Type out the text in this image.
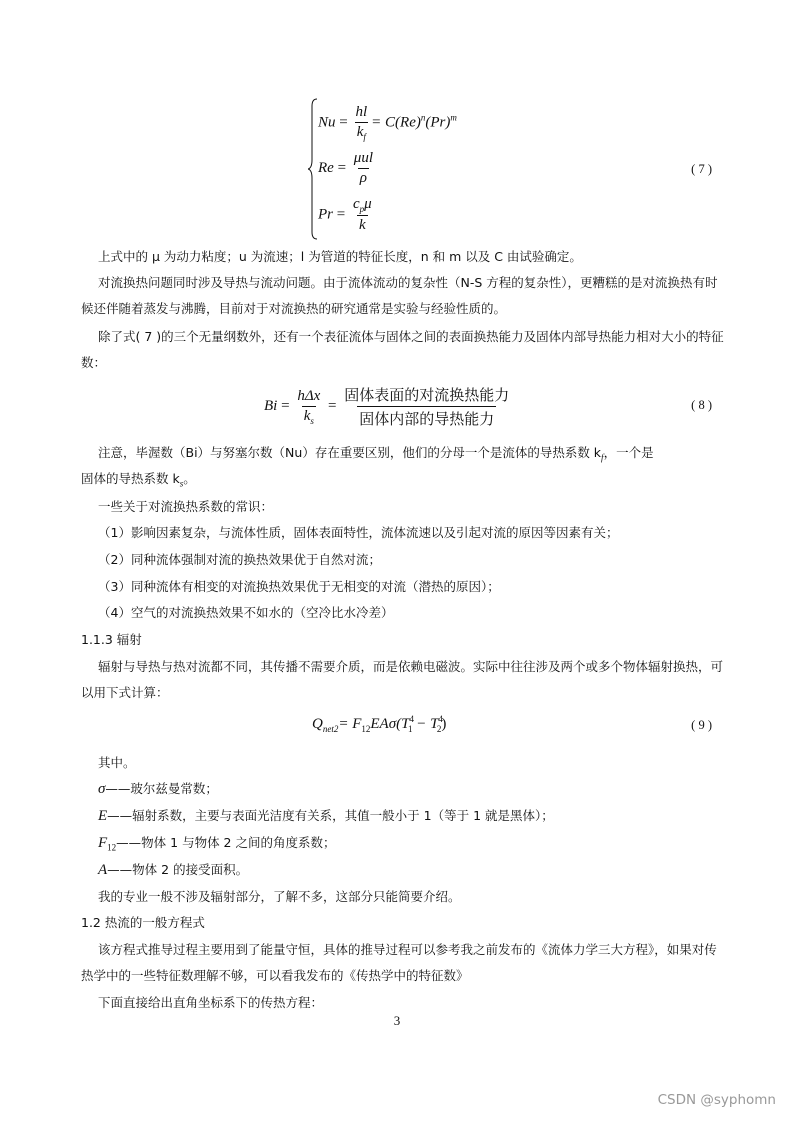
$Nu = \frac{hl}{k_f} = C(Re)^n(Pr)^m$
$Re = \frac{\text{μul}}{\rho}$
$Pr = \frac{c_p\mu}{k}$
( 7 )
上式中的 μ 为动力粘度；u 为流速；l 为管道的特征长度，n 和 m 以及 C 由试验确定。
对流换热问题同时涉及导热与流动问题。由于流体流动的复杂性（N-S 方程的复杂性），更糟糕的是对流换热有时候还伴随着蒸发与沸腾，目前对于对流换热的研究通常是实验与经验性质的。
除了式( 7 )的三个无量纲数外，还有一个表征流体与固体之间的表面换热能力及固体内部导热能力相对大小的特征数：
$Bi = \frac{\text{hΔx}}{k_s} = \frac{\text{固体表面的对流换热能力}}{\text{固体内部的导热能力}}$	( 8 )
注意，毕渥数（Bi）与努塞尔数（Nu）存在重要区别，他们的分母一个是流体的导热系数 $k_f$，一个是

固体的导热系数 $k_s$。
一些关于对流换热系数的常识：
（1）影响因素复杂，与流体性质，固体表面特性，流体流速以及引起对流的原因等因素有关；
（2）同种流体强制对流的换热效果优于自然对流；
（3）同种流体有相变的对流换热效果优于无相变的对流（潜热的原因）；
（4）空气的对流换热效果不如水的（空冷比水冷差）
1.1.3 辐射
辐射与导热与热对流都不同，其传播不需要介质，而是依赖电磁波。实际中往往涉及两个或多个物体辐射换热，可以用下式计算：
$Q_{net2}= F_{12}EA\sigma(T^4_1 - T^4_2)$	( 9 )
其中。
σ——玻尔兹曼常数；
E——辐射系数，主要与表面光洁度有关系，其值一般小于 1（等于 1 就是黑体）；
$F_{12}——$物体 1 与物体 2 之间的角度系数；
A——物体 2 的接受面积。
我的专业一般不涉及辐射部分，了解不多，这部分只能简要介绍。
1.2 热流的一般方程式
该方程式推导过程主要用到了能量守恒，具体的推导过程可以参考我之前发布的《流体力学三大方程》，如果对传热学中的一些特征数理解不够，可以看我发布的《传热学中的特征数》
下面直接给出直角坐标系下的传热方程：
3
CSDN @syphomn
